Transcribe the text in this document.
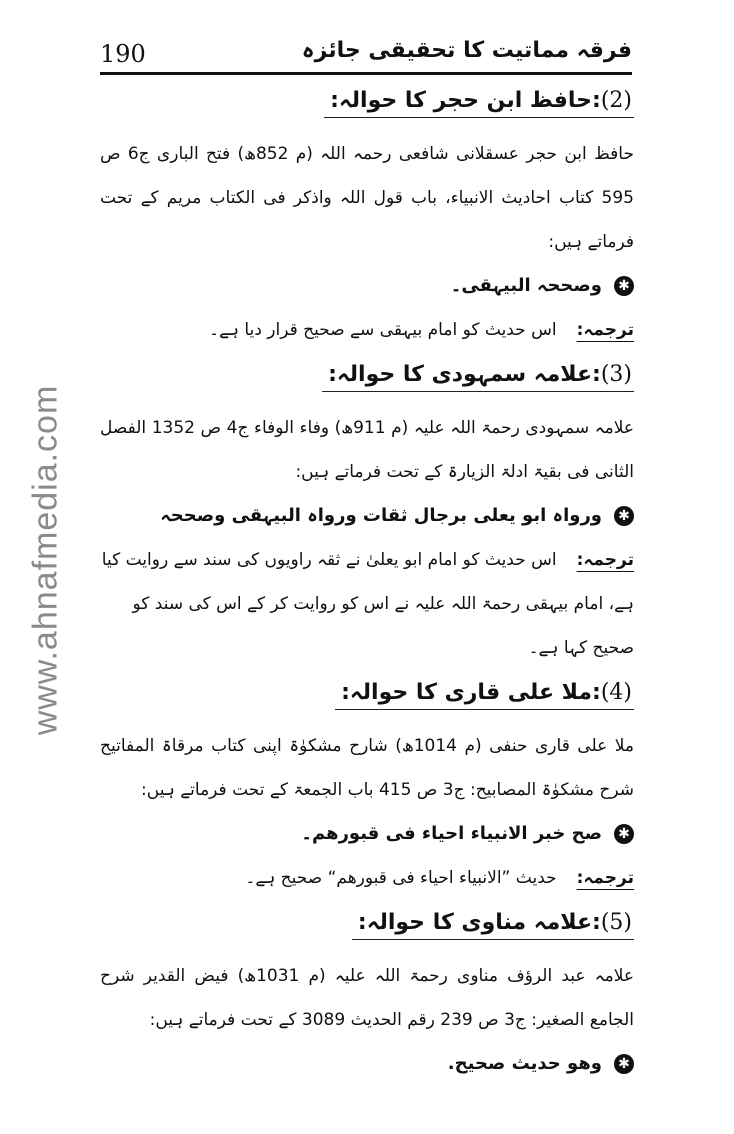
190	فرقہ مماتیت کا تحقیقی جائزہ
www.ahnafmedia.com
(2):حافظ ابن حجر کا حوالہ:

حافظ ابن حجر عسقلانی شافعی رحمہ اللہ (م 852ھ) فتح الباری ج6 ص 595 کتاب احادیث الانبیاء، باب قول اللہ واذکر فی الکتاب مریم کے تحت فرماتے ہیں:

✱
وصححہ البیہقی۔

ترجمہ:اس حدیث کو امام بیہقی سے صحیح قرار دیا ہے۔

(3):علامہ سمہودی کا حوالہ:

علامہ سمہودی رحمۃ اللہ علیہ (م 911ھ) وفاء الوفاء ج4 ص 1352 الفصل الثانی فی بقیۃ ادلۃ الزیارۃ کے تحت فرماتے ہیں:

✱
ورواہ ابو یعلی برجال ثقات ورواہ البیہقی وصححہ

ترجمہ:اس حدیث کو امام ابو یعلیٰ نے ثقہ راویوں کی سند سے روایت کیا ہے، امام بیہقی رحمۃ اللہ علیہ نے اس کو روایت کر کے اس کی سند کو صحیح کہا ہے۔

(4):ملا علی قاری کا حوالہ:

ملا علی قاری حنفی (م 1014ھ) شارح مشکوٰۃ اپنی کتاب مرقاۃ المفاتیح شرح مشکوٰۃ المصابیح: ج3 ص 415 باب الجمعۃ کے تحت فرماتے ہیں:

✱
صح خبر الانبیاء احیاء فی قبورھم۔

ترجمہ:حدیث ”الانبیاء احیاء فی قبورھم“ صحیح ہے۔

(5):علامہ مناوی کا حوالہ:

علامہ عبد الرؤف مناوی رحمۃ اللہ علیہ (م 1031ھ) فیض القدیر شرح الجامع الصغیر: ج3 ص 239 رقم الحدیث 3089 کے تحت فرماتے ہیں:

✱
وھو حدیث صحیح.
